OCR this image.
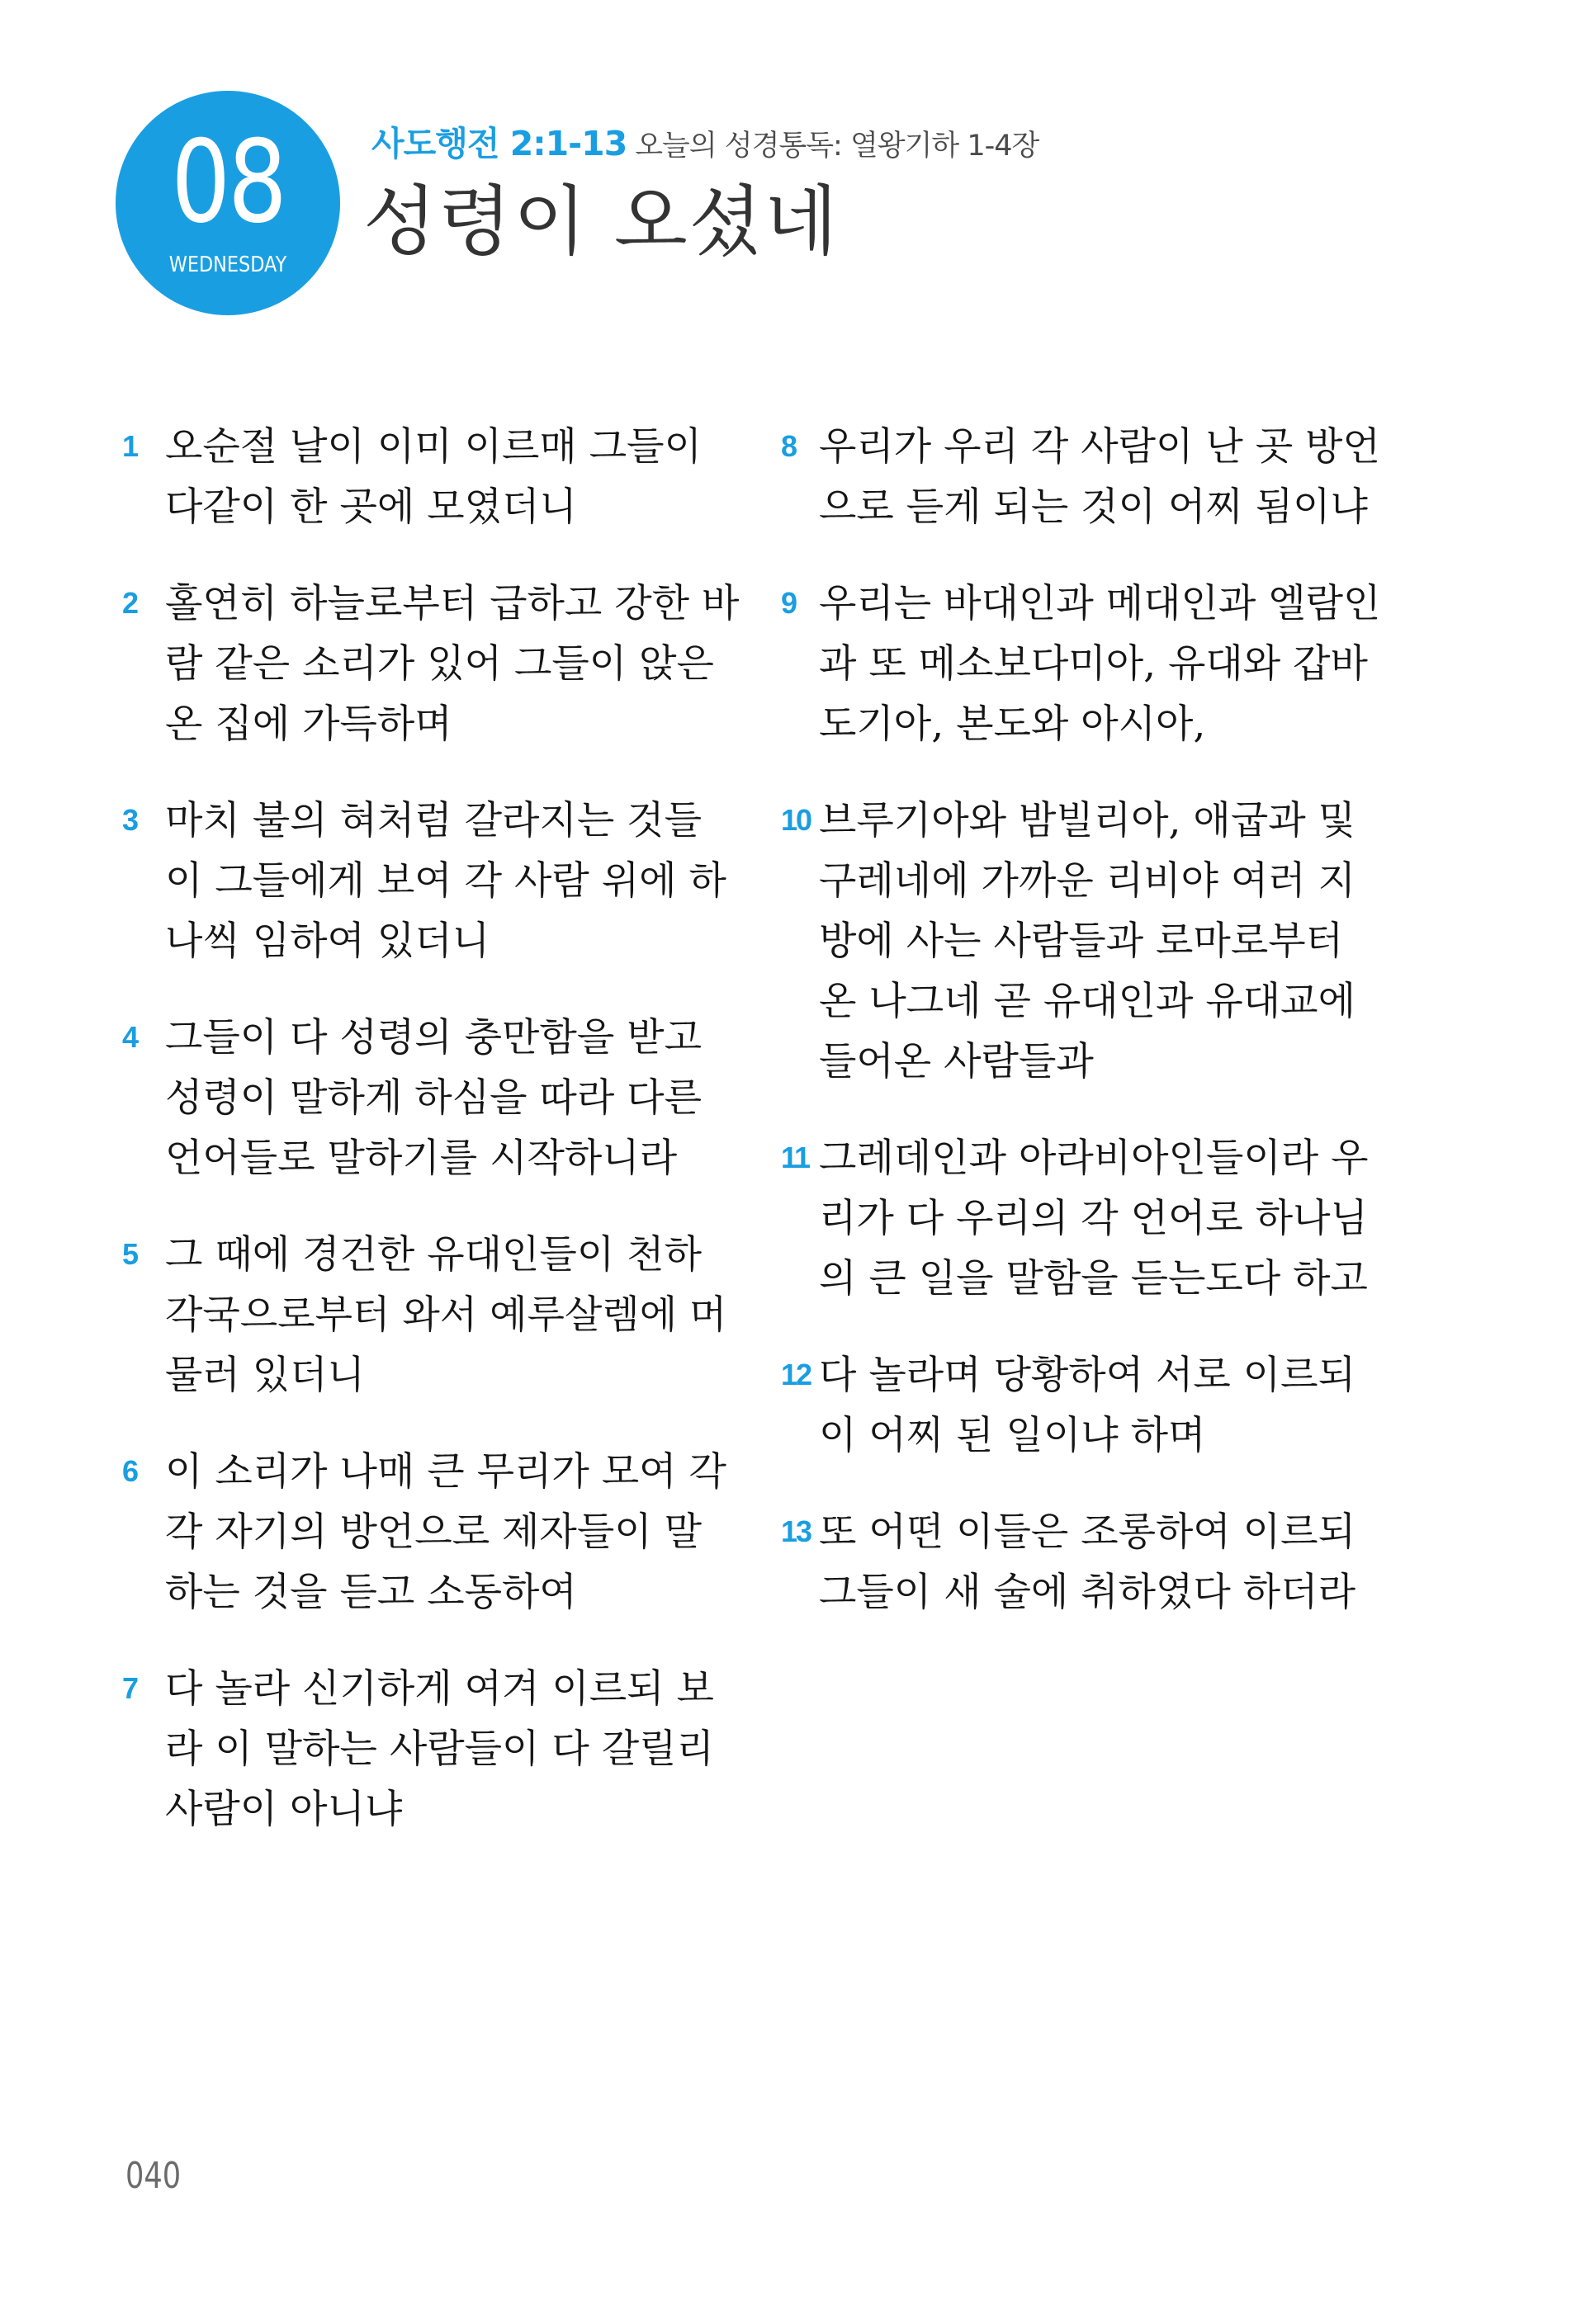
08
WEDNESDAY
사도행전 2:1-13 오늘의 성경통독: 열왕기하 1-4장
성령이 오셨네
1 오순절 날이 이미 이르매 그들이
다같이 한 곳에 모였더니
2 홀연히 하늘로부터 급하고 강한 바
람 같은 소리가 있어 그들이 앉은
온 집에 가득하며
3 마치 불의 혀처럼 갈라지는 것들
이 그들에게 보여 각 사람 위에 하
나씩 임하여 있더니
4 그들이 다 성령의 충만함을 받고
성령이 말하게 하심을 따라 다른
언어들로 말하기를 시작하니라
5 그 때에 경건한 유대인들이 천하
각국으로부터 와서 예루살렘에 머
물러 있더니
6 이 소리가 나매 큰 무리가 모여 각
각 자기의 방언으로 제자들이 말
하는 것을 듣고 소동하여
7 다 놀라 신기하게 여겨 이르되 보
라 이 말하는 사람들이 다 갈릴리
사람이 아니냐
8 우리가 우리 각 사람이 난 곳 방언
으로 듣게 되는 것이 어찌 됨이냐
9 우리는 바대인과 메대인과 엘람인
과 또 메소보다미아, 유대와 갑바
도기아, 본도와 아시아,
10 브루기아와 밤빌리아, 애굽과 및
구레네에 가까운 리비야 여러 지
방에 사는 사람들과 로마로부터
온 나그네 곧 유대인과 유대교에
들어온 사람들과
11 그레데인과 아라비아인들이라 우
리가 다 우리의 각 언어로 하나님
의 큰 일을 말함을 듣는도다 하고
12 다 놀라며 당황하여 서로 이르되
이 어찌 된 일이냐 하며
13 또 어떤 이들은 조롱하여 이르되
그들이 새 술에 취하였다 하더라
040
